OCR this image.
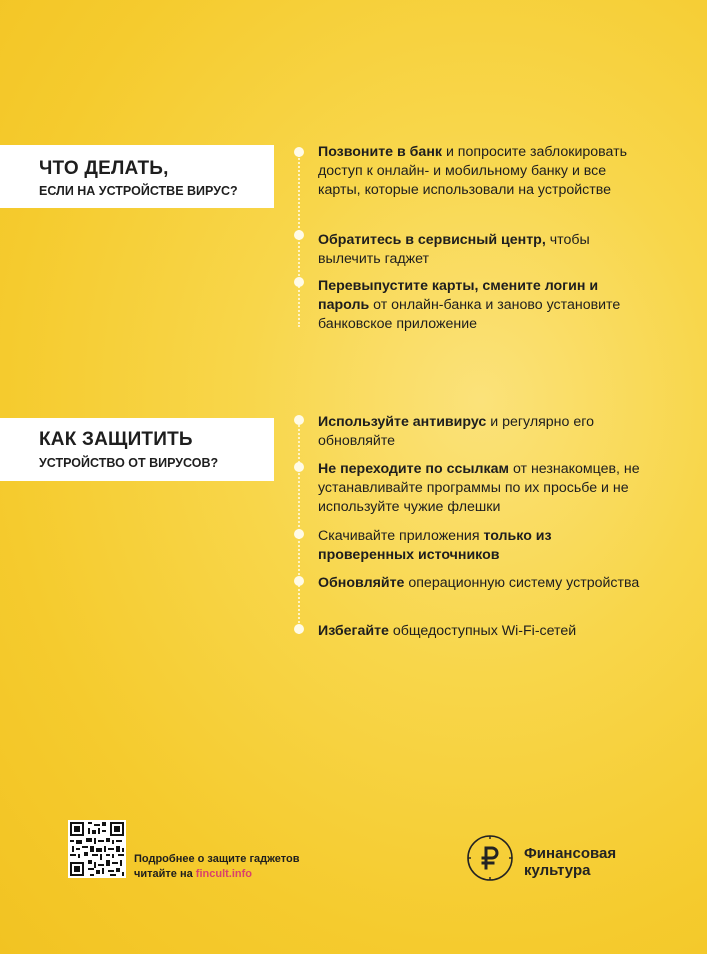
ЧТО ДЕЛАТЬ,
ЕСЛИ НА УСТРОЙСТВЕ ВИРУС?
Позвоните в банк и попросите заблокировать доступ к онлайн- и мобильному банку и все карты, которые использовали на устройстве
Обратитесь в сервисный центр, чтобы вылечить гаджет
Перевыпустите карты, смените логин и пароль от онлайн-банка и заново установите банковское приложение
КАК ЗАЩИТИТЬ
УСТРОЙСТВО ОТ ВИРУСОВ?
Используйте антивирус и регулярно его обновляйте
Не переходите по ссылкам от незнакомцев, не устанавливайте программы по их просьбе и не используйте чужие флешки
Скачивайте приложения только из проверенных источников
Обновляйте операционную систему устройства
Избегайте общедоступных Wi-Fi-сетей
Подробнее о защите гаджетов
читайте на fincult.info
Финансовая
культура
